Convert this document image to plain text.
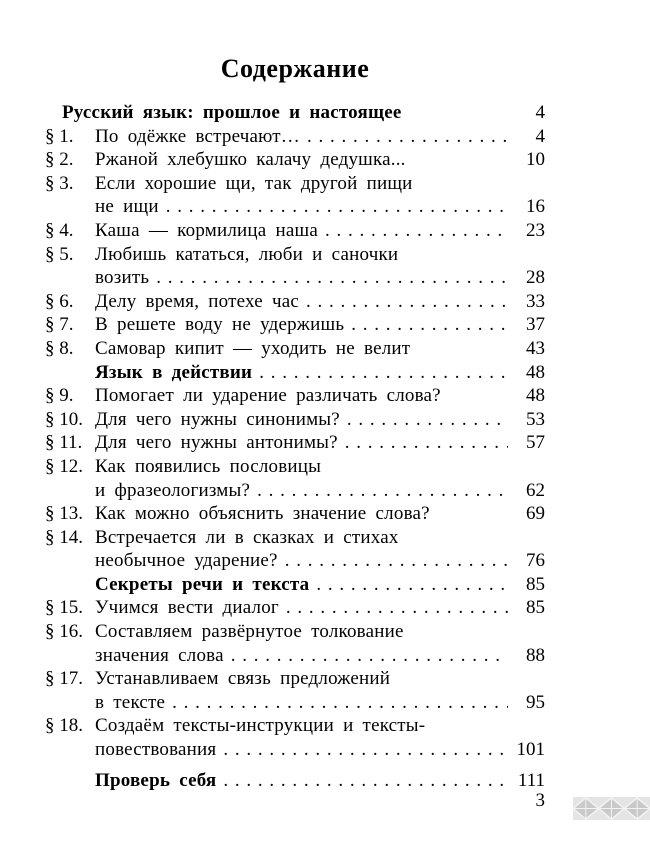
Содержание
Русский язык: прошлое и настоящее	4
§ 1.	По одёжке встречают… . . .	4
§ 2.	Ржаной хлебушко калачу дедушка...	10
§ 3.	Если хорошие щи, так другой пищи
не ищи . . .	16
§ 4.	Каша — кормилица наша . . .	23
§ 5.	Любишь кататься, люби и саночки
возить . . .	28
§ 6.	Делу время, потехе час . . .	33
§ 7.	В решете воду не удержишь . . .	37
§ 8.	Самовар кипит — уходить не велит	43
Язык в действии . . .	48
§ 9.	Помогает ли ударение различать слова?	48
§ 10. Для чего нужны синонимы? . . .	53
§ 11. Для чего нужны антонимы? . . .	57
§ 12. Как появились пословицы
и фразеологизмы? . . .	62
§ 13. Как можно объяснить значение слова?	69
§ 14. Встречается ли в сказках и стихах
необычное ударение? . . .	76
Секреты речи и текста . . .	85
§ 15. Учимся вести диалог . . .	85
§ 16. Составляем развёрнутое толкование
значения слова . . .	88
§ 17. Устанавливаем связь предложений
в тексте . . .	95
§ 18. Создаём тексты-инструкции и тексты-
повествования . . .	101
Проверь себя . . .	111
3
